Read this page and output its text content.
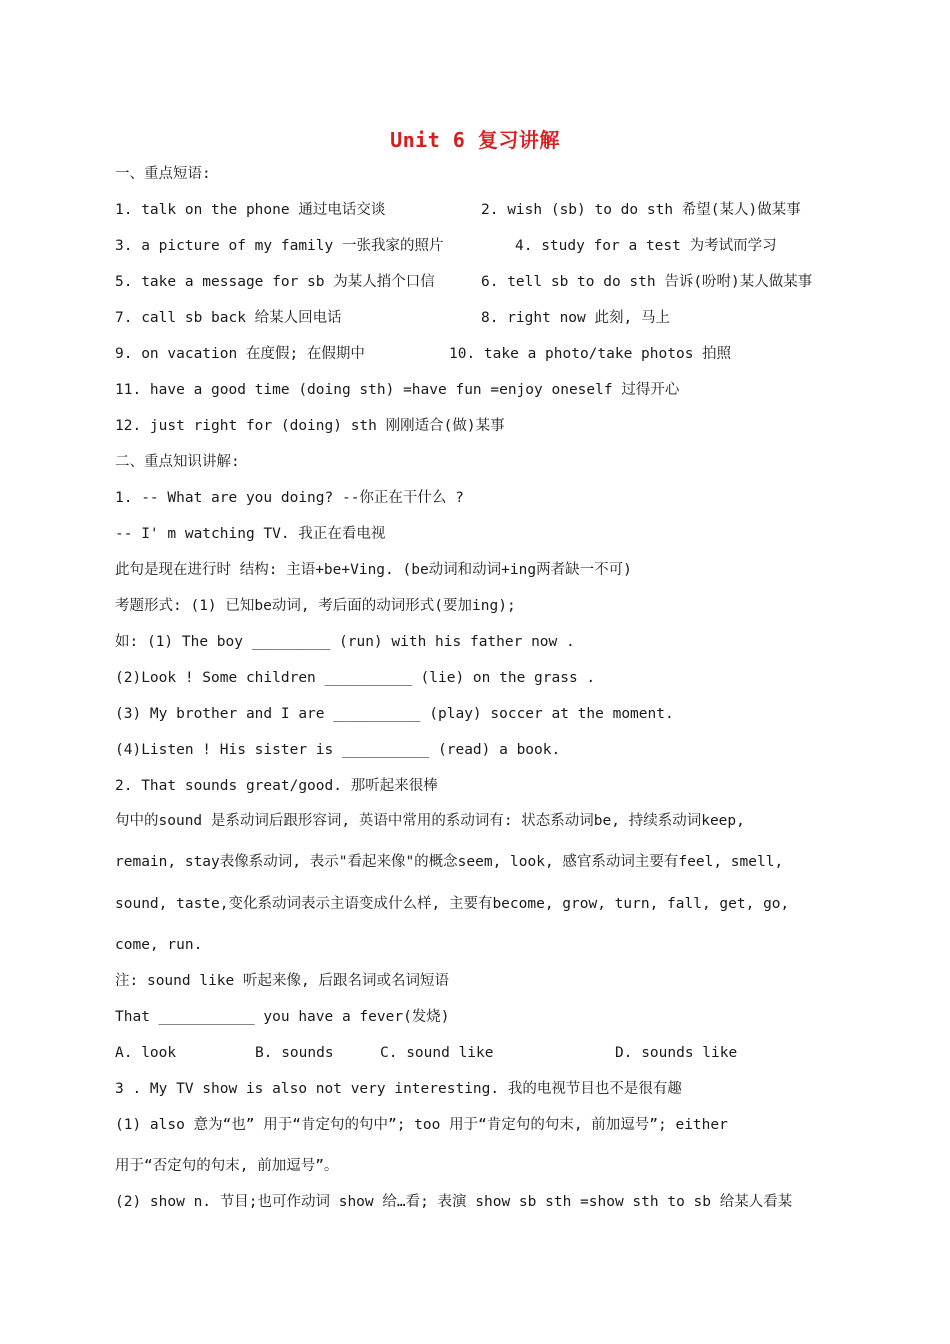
Unit 6 复习讲解
一、重点短语:
1. talk on the phone 通过电话交谈	2. wish (sb) to do sth 希望(某人)做某事
3. a picture of my family 一张我家的照片	4. study for a test 为考试而学习
5. take a message for sb 为某人捎个口信	6. tell sb to do sth 告诉(吩咐)某人做某事
7. call sb back 给某人回电话	8. right now 此刻, 马上
9. on vacation 在度假; 在假期中	10. take a photo/take photos 拍照
11. have a good time (doing sth) =have fun =enjoy oneself 过得开心
12. just right for (doing) sth 刚刚适合(做)某事
二、重点知识讲解:
1. -- What are you doing? --你正在干什么 ?
-- I' m watching TV. 我正在看电视
此句是现在进行时 结构: 主语+be+Ving. (be动词和动词+ing两者缺一不可)
考题形式: (1) 已知be动词, 考后面的动词形式(要加ing);
如: (1) The boy _________ (run) with his father now .
(2)Look ! Some children __________ (lie) on the grass .
(3) My brother and I are __________ (play) soccer at the moment.
(4)Listen ! His sister is __________ (read) a book.
2. That sounds great/good. 那听起来很棒
句中的sound 是系动词后跟形容词, 英语中常用的系动词有: 状态系动词be, 持续系动词keep,
remain, stay表像系动词, 表示"看起来像"的概念seem, look, 感官系动词主要有feel, smell,
sound, taste,变化系动词表示主语变成什么样, 主要有become, grow, turn, fall, get, go,
come, run.
注: sound like 听起来像, 后跟名词或名词短语
That ___________ you have a fever(发烧)
A. look	B. sounds	C. sound like	D. sounds like
3 . My TV show is also not very interesting. 我的电视节目也不是很有趣
(1) also 意为“也” 用于“肯定句的句中”; too 用于“肯定句的句末, 前加逗号”; either
用于“否定句的句末, 前加逗号”。
(2) show n. 节目;也可作动词 show 给…看; 表演 show sb sth =show sth to sb 给某人看某
